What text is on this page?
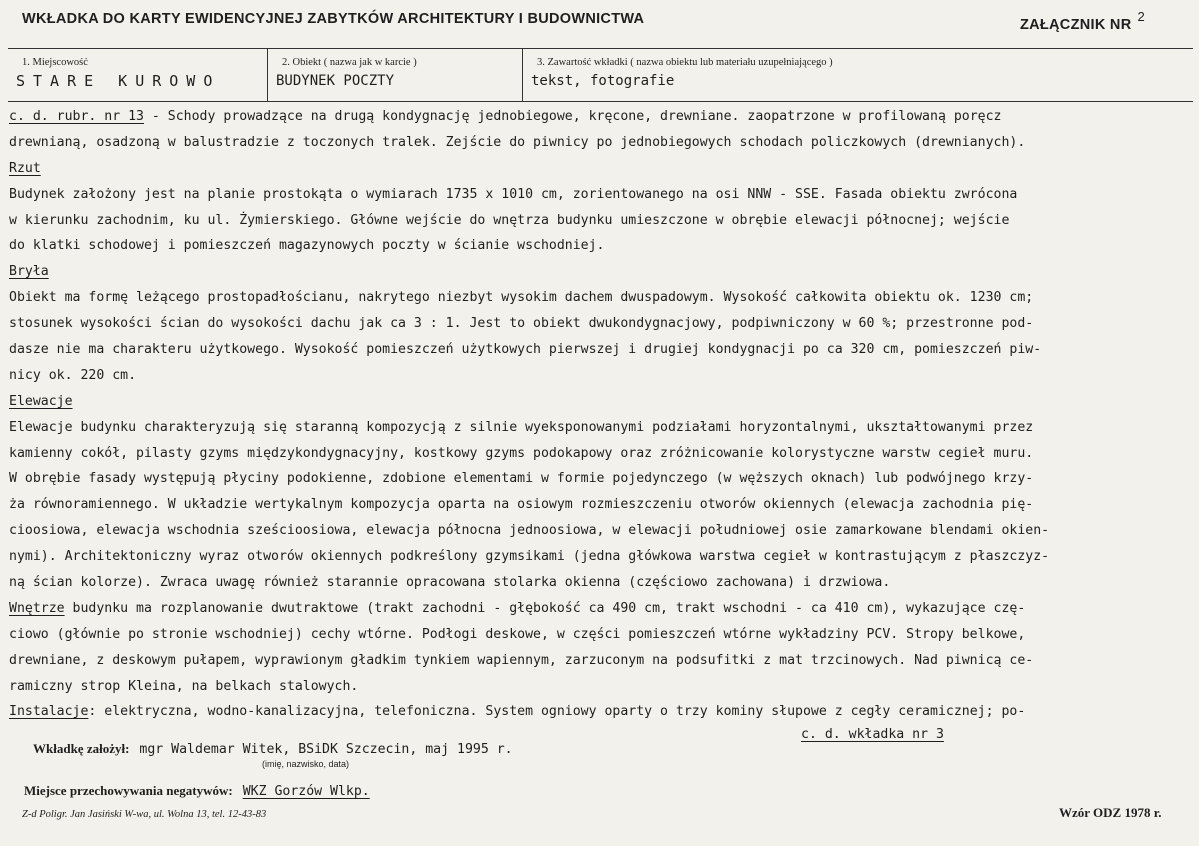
WKŁADKA DO KARTY EWIDENCYJNEJ ZABYTKÓW ARCHITEKTURY I BUDOWNICTWA	ZAŁĄCZNIK $NR^2$
1. Miejscowość
STARE KUROWO
2. Obiekt ( nazwa jak w karcie )
BUDYNEK POCZTY
3. Zawartość wkładki ( nazwa obiektu lub materiału uzupełniającego )
tekst, fotografie
c. d. rubr. nr 13 - Schody prowadzące na drugą kondygnację jednobiegowe, kręcone, drewniane. zaopatrzone w profilowaną poręcz
drewnianą, osadzoną w balustradzie z toczonych tralek. Zejście do piwnicy po jednobiegowych schodach policzkowych (drewnianych).
Rzut
Budynek założony jest na planie prostokąta o wymiarach 1735 x 1010 cm, zorientowanego na osi NNW - SSE. Fasada obiektu zwrócona
w kierunku zachodnim, ku ul. Żymierskiego. Główne wejście do wnętrza budynku umieszczone w obrębie elewacji północnej; wejście
do klatki schodowej i pomieszczeń magazynowych poczty w ścianie wschodniej.
Bryła
Obiekt ma formę leżącego prostopadłościanu, nakrytego niezbyt wysokim dachem dwuspadowym. Wysokość całkowita obiektu ok. 1230 cm;
stosunek wysokości ścian do wysokości dachu jak ca 3 : 1. Jest to obiekt dwukondygnacjowy, podpiwniczony w 60 %; przestronne pod-
dasze nie ma charakteru użytkowego. Wysokość pomieszczeń użytkowych pierwszej i drugiej kondygnacji po ca 320 cm, pomieszczeń piw-
nicy ok. 220 cm.
Elewacje
Elewacje budynku charakteryzują się staranną kompozycją z silnie wyeksponowanymi podziałami horyzontalnymi, ukształtowanymi przez
kamienny cokół, pilasty gzyms międzykondygnacyjny, kostkowy gzyms podokapowy oraz zróżnicowanie kolorystyczne warstw cegieł muru.
W obrębie fasady występują płyciny podokienne, zdobione elementami w formie pojedynczego (w węższych oknach) lub podwójnego krzy-
ża równoramiennego. W układzie wertykalnym kompozycja oparta na osiowym rozmieszczeniu otworów okiennych (elewacja zachodnia pię-
cioosiowa, elewacja wschodnia sześcioosiowa, elewacja północna jednoosiowa, w elewacji południowej osie zamarkowane blendami okien-
nymi). Architektoniczny wyraz otworów okiennych podkreślony gzymsikami (jedna główkowa warstwa cegieł w kontrastującym z płaszczyz-
ną ścian kolorze). Zwraca uwagę również starannie opracowana stolarka okienna (częściowo zachowana) i drzwiowa.
Wnętrze budynku ma rozplanowanie dwutraktowe (trakt zachodni - głębokość ca 490 cm, trakt wschodni - ca 410 cm), wykazujące czę-
ciowo (głównie po stronie wschodniej) cechy wtórne. Podłogi deskowe, w części pomieszczeń wtórne wykładziny PCV. Stropy belkowe,
drewniane, z deskowym pułapem, wyprawionym gładkim tynkiem wapiennym, zarzuconym na podsufitki z mat trzcinowych. Nad piwnicą ce-
ramiczny strop Kleina, na belkach stalowych.
Instalacje: elektryczna, wodno-kanalizacyjna, telefoniczna. System ogniowy oparty o trzy kominy słupowe z cegły ceramicznej; po-
c. d. wkładka nr 3
Wkładkę założył: mgr Waldemar Witek, BSiDK Szczecin, maj 1995 r.
(imię, nazwisko, data)
Miejsce przechowywania negatywów: WKZ Gorzów Wlkp.
Z-d Poligr. Jan Jasiński W-wa, ul. Wolna 13, tel. 12-43-83	Wzór ODZ 1978 r.
